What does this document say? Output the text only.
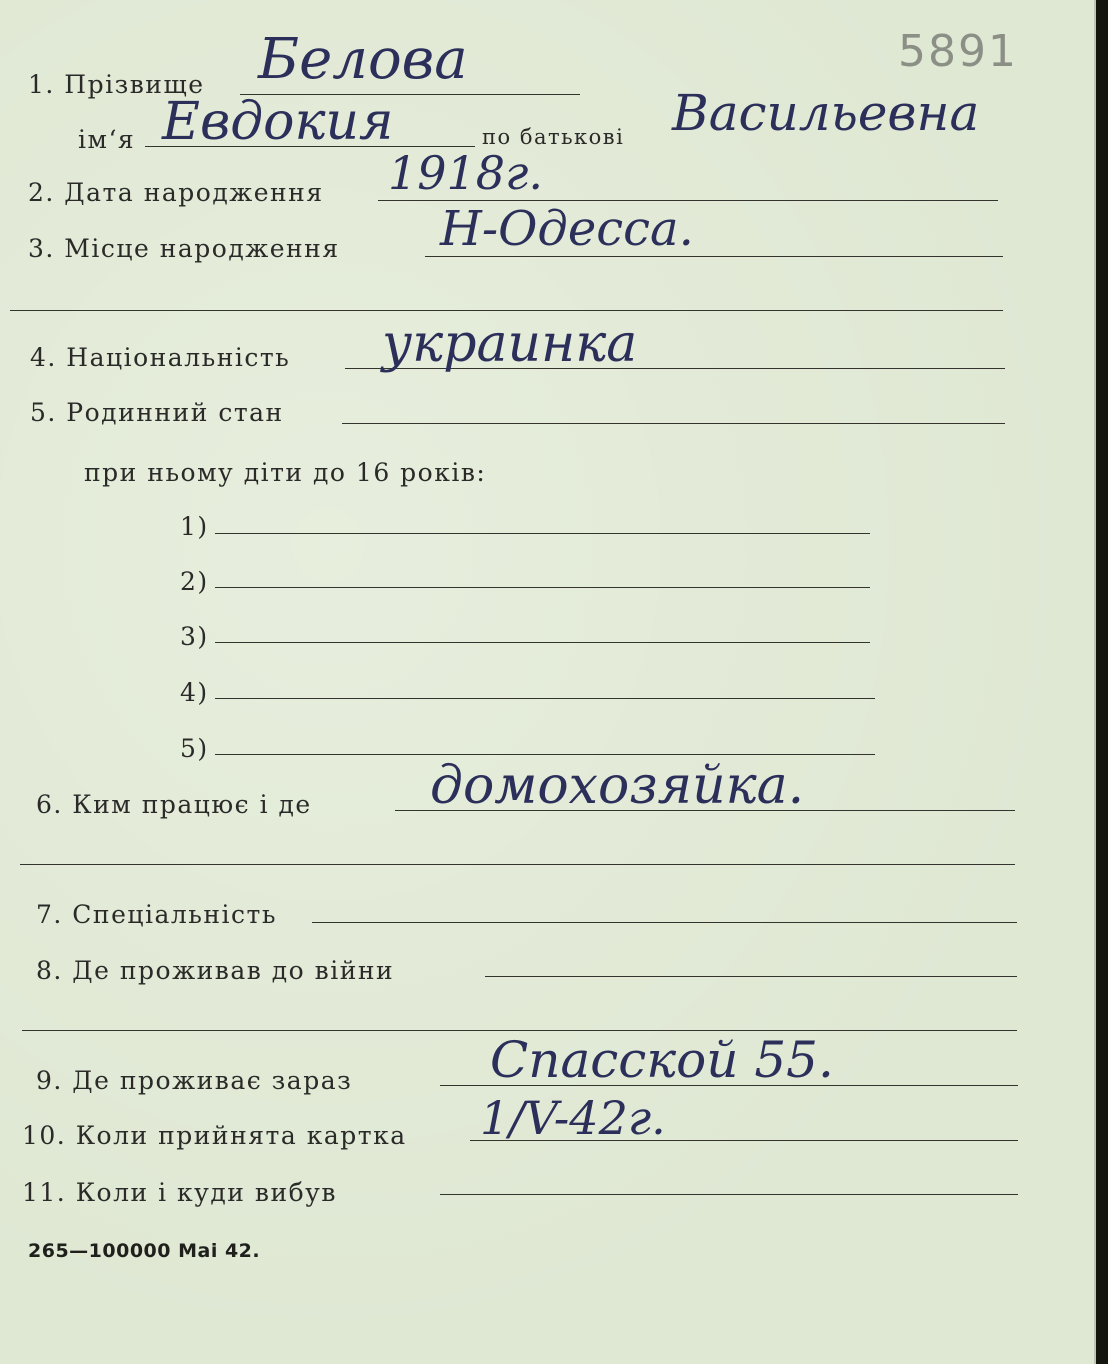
5891
1. Прізвище Белова
ім‘я Евдокия	по батькові Васильевна
2. Дата народження 1918г.
3. Місце народження Н-Одесса.
4. Національність украинка
5. Родинний стан
при ньому діти до 16 років:
1)
2)
3)
4)
5)
6. Ким працює і де домохозяйка.
7. Спеціальність
8. Де проживав до війни
9. Де проживає зараз	Спасской 55.
10. Коли прийнята картка 1/V-42г.
11. Коли і куди вибув
265—100000 Mai 42.
